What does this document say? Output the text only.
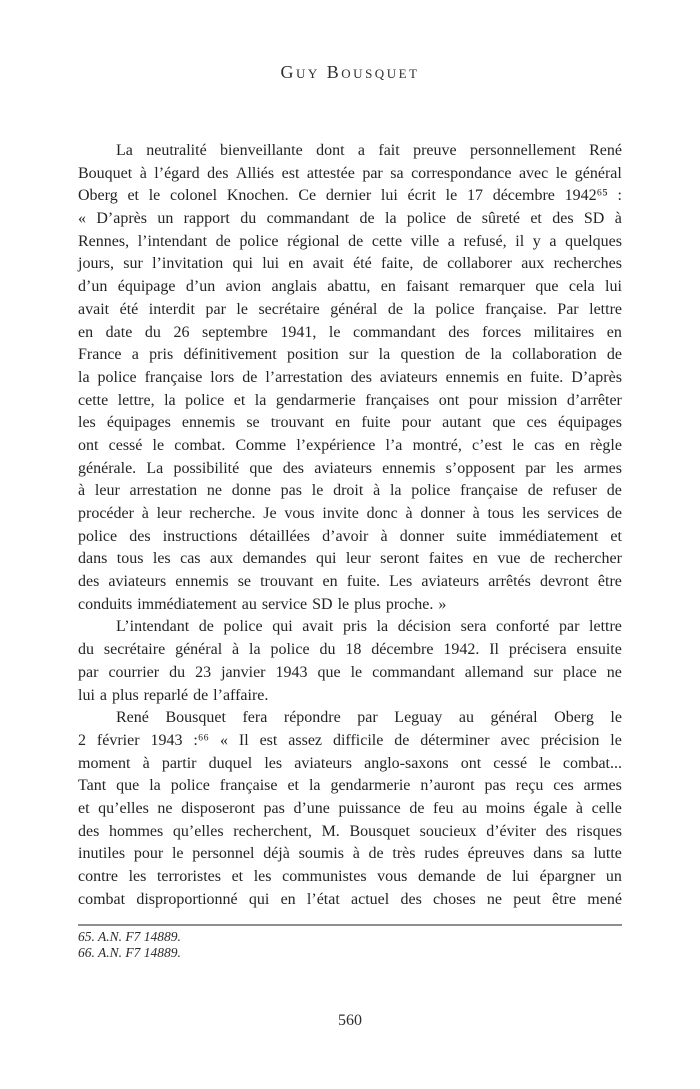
Guy Bousquet
La neutralité bienveillante dont a fait preuve personnellement René
Bouquet à l’égard des Alliés est attestée par sa correspondance avec le général
Oberg et le colonel Knochen. Ce dernier lui écrit le 17 décembre 1942⁶⁵ :
« D’après un rapport du commandant de la police de sûreté et des SD à
Rennes, l’intendant de police régional de cette ville a refusé, il y a quelques
jours, sur l’invitation qui lui en avait été faite, de collaborer aux recherches
d’un équipage d’un avion anglais abattu, en faisant remarquer que cela lui
avait été interdit par le secrétaire général de la police française. Par lettre
en date du 26 septembre 1941, le commandant des forces militaires en
France a pris définitivement position sur la question de la collaboration de
la police française lors de l’arrestation des aviateurs ennemis en fuite. D’après
cette lettre, la police et la gendarmerie françaises ont pour mission d’arrêter
les équipages ennemis se trouvant en fuite pour autant que ces équipages
ont cessé le combat. Comme l’expérience l’a montré, c’est le cas en règle
générale. La possibilité que des aviateurs ennemis s’opposent par les armes
à leur arrestation ne donne pas le droit à la police française de refuser de
procéder à leur recherche. Je vous invite donc à donner à tous les services de
police des instructions détaillées d’avoir à donner suite immédiatement et
dans tous les cas aux demandes qui leur seront faites en vue de rechercher
des aviateurs ennemis se trouvant en fuite. Les aviateurs arrêtés devront être
conduits immédiatement au service SD le plus proche. »
L’intendant de police qui avait pris la décision sera conforté par lettre
du secrétaire général à la police du 18 décembre 1942. Il précisera ensuite
par courrier du 23 janvier 1943 que le commandant allemand sur place ne
lui a plus reparlé de l’affaire.
René Bousquet fera répondre par Leguay au général Oberg le
2 février 1943 :⁶⁶ « Il est assez difficile de déterminer avec précision le
moment à partir duquel les aviateurs anglo-saxons ont cessé le combat...
Tant que la police française et la gendarmerie n’auront pas reçu ces armes
et qu’elles ne disposeront pas d’une puissance de feu au moins égale à celle
des hommes qu’elles recherchent, M. Bousquet soucieux d’éviter des risques
inutiles pour le personnel déjà soumis à de très rudes épreuves dans sa lutte
contre les terroristes et les communistes vous demande de lui épargner un
combat disproportionné qui en l’état actuel des choses ne peut être mené
65. A.N. F7 14889.
66. A.N. F7 14889.
560
